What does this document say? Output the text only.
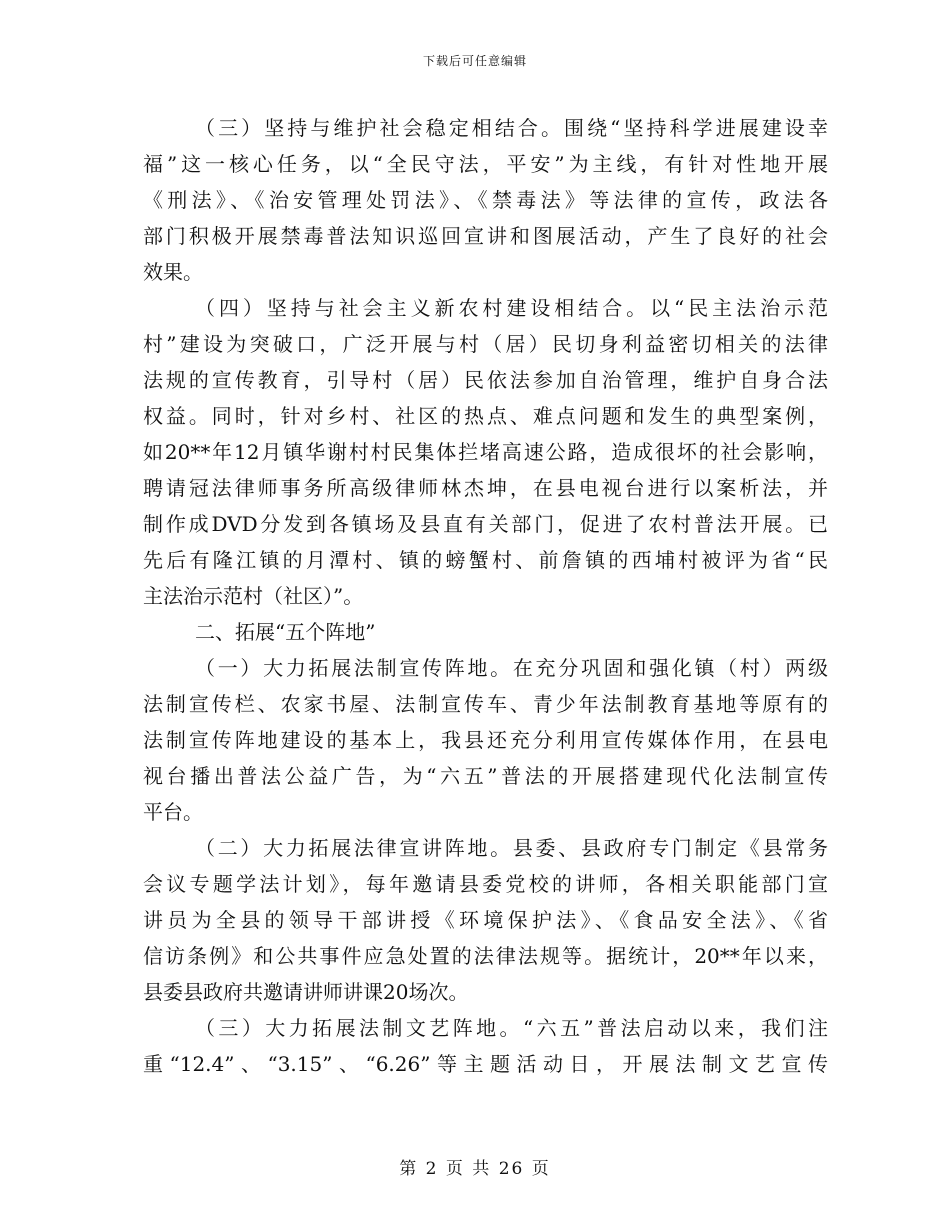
下载后可任意编辑
（三）坚持与维护社会稳定相结合。围绕“坚持科学进展建设幸
福”这一核心任务，以“全民守法，平安”为主线，有针对性地开展
《刑法》、《治安管理处罚法》、《禁毒法》等法律的宣传，政法各
部门积极开展禁毒普法知识巡回宣讲和图展活动，产生了良好的社会
效果。
（四）坚持与社会主义新农村建设相结合。以“民主法治示范
村”建设为突破口，广泛开展与村（居）民切身利益密切相关的法律
法规的宣传教育，引导村（居）民依法参加自治管理，维护自身合法
权益。同时，针对乡村、社区的热点、难点问题和发生的典型案例，
如20**年12月镇华谢村村民集体拦堵高速公路，造成很坏的社会影响，
聘请冠法律师事务所高级律师林杰坤，在县电视台进行以案析法，并
制作成DVD分发到各镇场及县直有关部门，促进了农村普法开展。已
先后有隆江镇的月潭村、镇的螃蟹村、前詹镇的西埔村被评为省“民
主法治示范村（社区）”。
二、拓展“五个阵地”
（一）大力拓展法制宣传阵地。在充分巩固和强化镇（村）两级
法制宣传栏、农家书屋、法制宣传车、青少年法制教育基地等原有的
法制宣传阵地建设的基本上，我县还充分利用宣传媒体作用，在县电
视台播出普法公益广告，为“六五”普法的开展搭建现代化法制宣传
平台。
（二）大力拓展法律宣讲阵地。县委、县政府专门制定《县常务
会议专题学法计划》，每年邀请县委党校的讲师，各相关职能部门宣
讲员为全县的领导干部讲授《环境保护法》、《食品安全法》、《省
信访条例》和公共事件应急处置的法律法规等。据统计，20**年以来，
县委县政府共邀请讲师讲课20场次。
（三）大力拓展法制文艺阵地。“六五”普法启动以来，我们注
重“12.4”、“3.15”、“6.26”等主题活动日，开展法制文艺宣传
第 2 页 共 26 页
